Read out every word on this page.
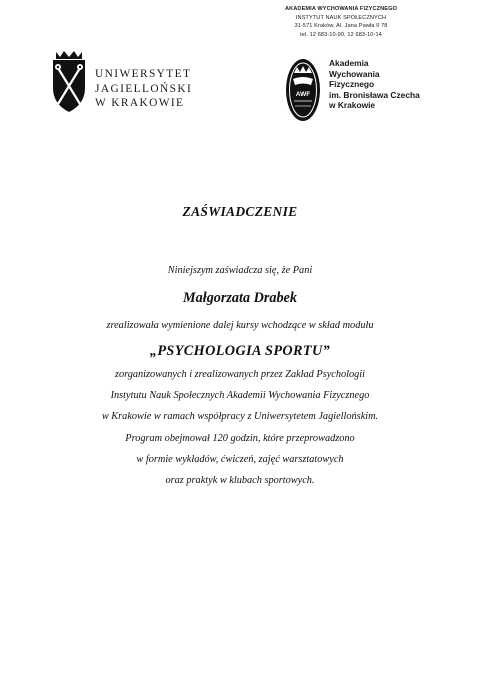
AKADEMIA WYCHOWANIA FIZYCZNEGO
INSTYTUT NAUK SPOŁECZNYCH
31-571 Kraków, Al. Jana Pawła II 78
tel. 12 683-10-90, 12 683-10-14
UNIWERSYTET
JAGIELLOŃSKI
W KRAKOWIE
AWF
Akademia
Wychowania
Fizycznego
im. Bronisława Czecha
w Krakowie
ZAŚWIADCZENIE
Niniejszym zaświadcza się, że Pani
Małgorzata Drabek
zrealizowała wymienione dalej kursy wchodzące w skład modułu
„PSYCHOLOGIA SPORTU”
zorganizowanych i zrealizowanych przez Zakład Psychologii
Instytutu Nauk Społecznych Akademii Wychowania Fizycznego
w Krakowie w ramach współpracy z Uniwersytetem Jagiellońskim.
Program obejmował 120 godzin, które przeprowadzono
w formie wykładów, ćwiczeń, zajęć warsztatowych
oraz praktyk w klubach sportowych.
